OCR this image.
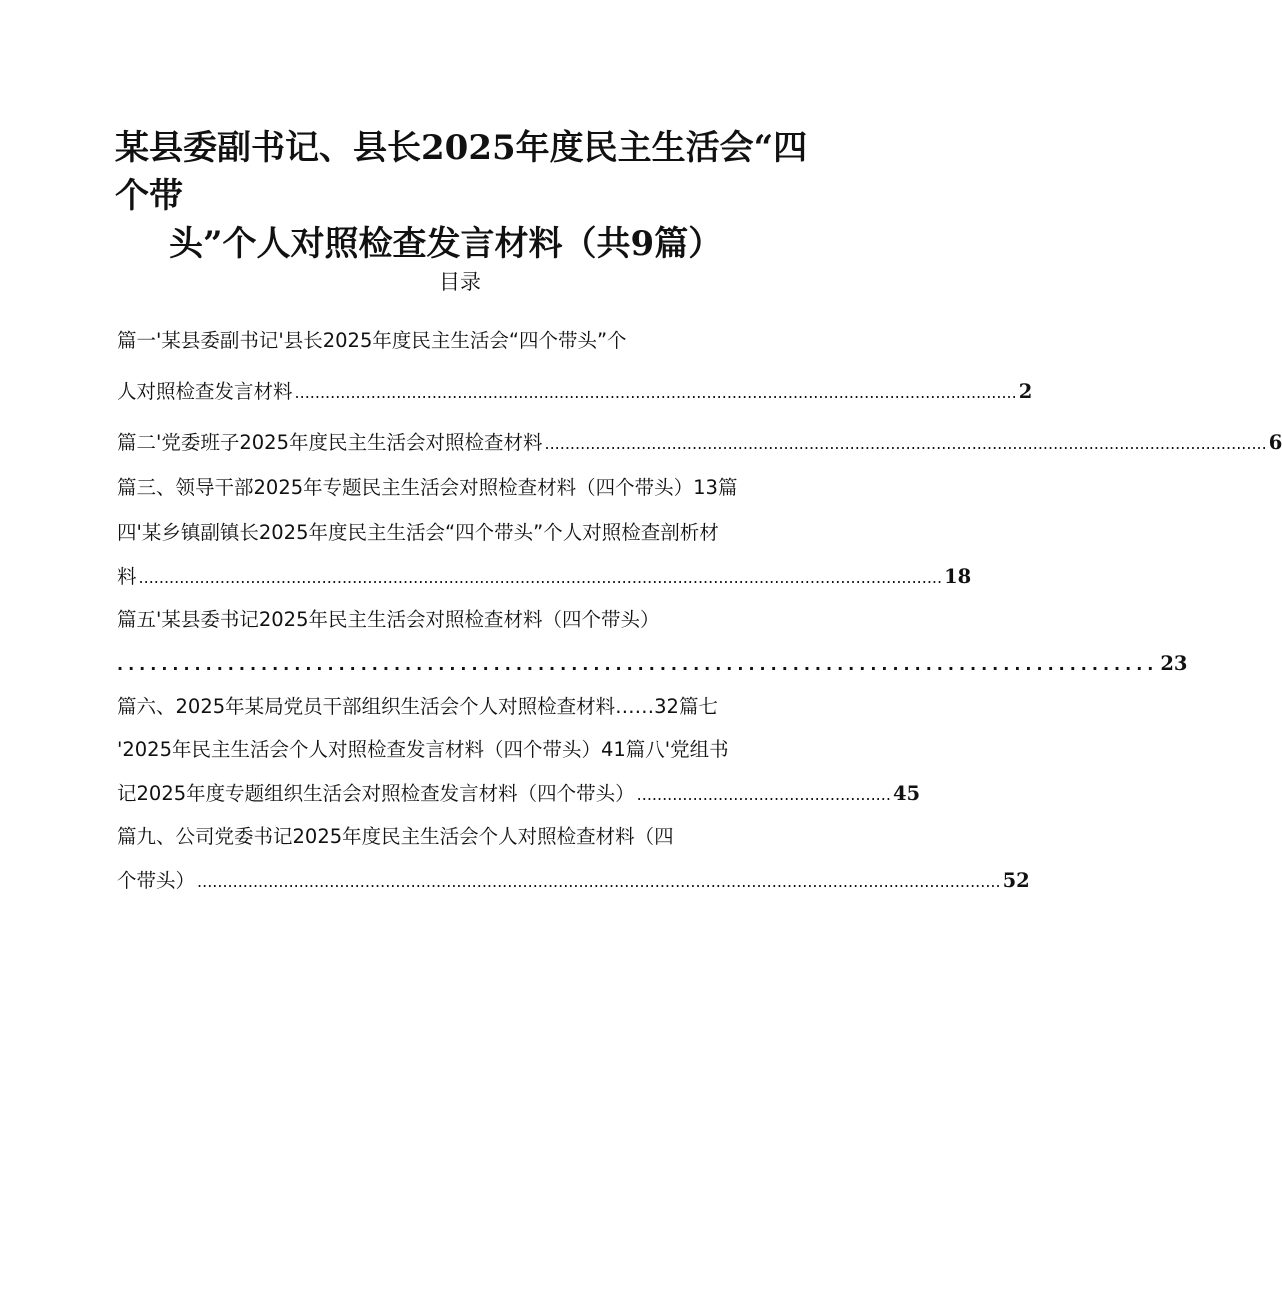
某县委副书记、县长2025年度民主生活会“四个带
头”个人对照检查发言材料（共9篇）
目录
篇一'某县委副书记'县长2025年度民主生活会“四个带头”个
人对照检查发言材料 .............................................................................................................................................. 2
篇二'党委班子2025年度民主生活会对照检查材料 .............................................................................................................................................. 6
篇三、领导干部2025年专题民主生活会对照检查材料（四个带头）13篇
四'某乡镇副镇长2025年度民主生活会“四个带头”个人对照检查剖析材
料 .............................................................................................................................................................. 18
篇五'某县委书记2025年民主生活会对照检查材料（四个带头）
.............................................................................................. 23
篇六、2025年某局党员干部组织生活会个人对照检查材料……32篇七
'2025年民主生活会个人对照检查发言材料（四个带头）41篇八'党组书
记2025年度专题组织生活会对照检查发言材料（四个带头） .................................................. 45
篇九、公司党委书记2025年度民主生活会个人对照检查材料（四
个带头） .............................................................................................................................................................. 52
